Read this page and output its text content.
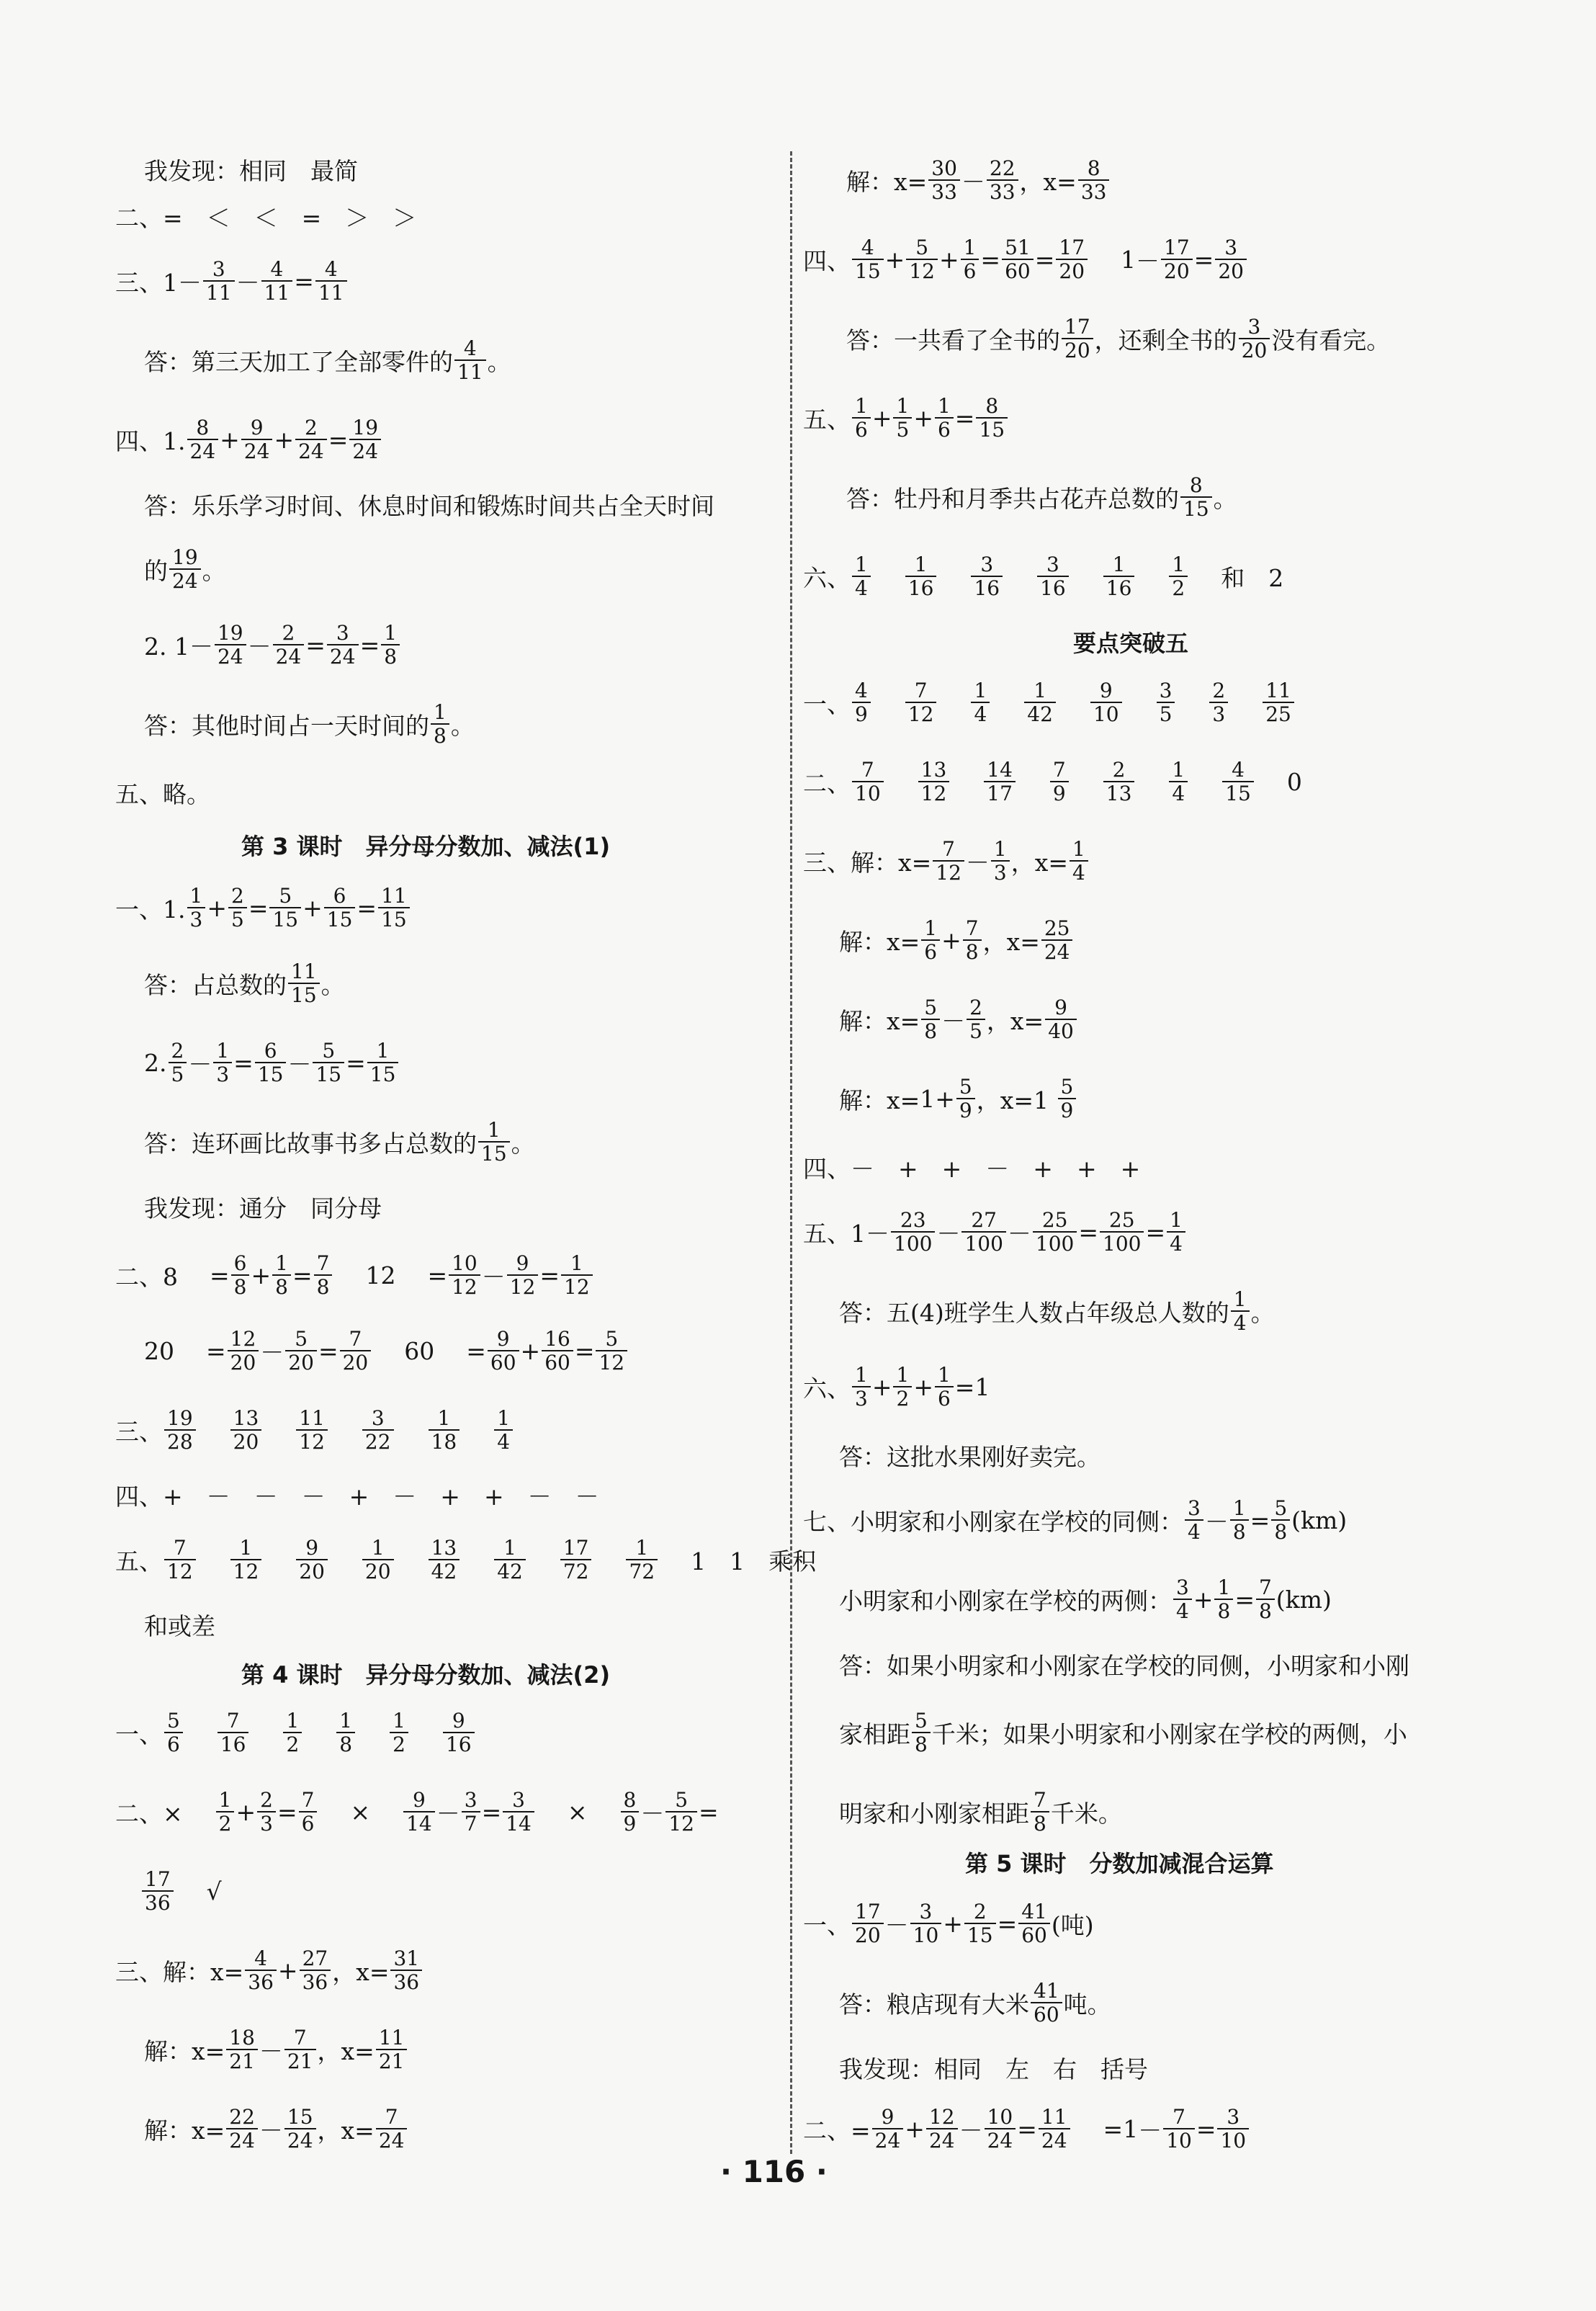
我发现：相同　最简
二、=　＜　＜　=　＞　＞
三、$1- \frac{3}{11} - \frac{4}{11} = \frac{4}{11}$
答：第三天加工了全部零件的 $\frac{4}{11}$ 。
四、1. $\frac{8}{24} + \frac{9}{24} + \frac{2}{24} = \frac{19}{24}$
答：乐乐学习时间、休息时间和锻炼时间共占全天时间
的 $\frac{19}{24}$ 。
2. $1- \frac{19}{24} - \frac{2}{24} = \frac{3}{24} = \frac{1}{8}$
答：其他时间占一天时间的 $\frac{1}{8}$ 。
五、略。
第 3 课时　异分母分数加、减法(1)
一、1. $\frac{1}{3} + \frac{2}{5} = \frac{5}{15} + \frac{6}{15} = \frac{11}{15}$
答：占总数的 $\frac{11}{15}$ 。
2. $\frac{2}{5} - \frac{1}{3} = \frac{6}{15} - \frac{5}{15} = \frac{1}{15}$
答：连环画比故事书多占总数的 $\frac{1}{15}$ 。
我发现：通分　同分母
二、$8 = \frac{6}{8} + \frac{1}{8} = \frac{7}{8} 12 = \frac{10}{12} - \frac{9}{12} = \frac{1}{12}$
$20 = \frac{12}{20} - \frac{5}{20} = \frac{7}{20} 60 = \frac{9}{60} + \frac{16}{60} = \frac{5}{12}$
三、 $\frac{19}{28} \frac{13}{20} \frac{11}{12} \frac{3}{22} \frac{1}{18} \frac{1}{4}$
四、+　－　－　－　+　－　+　+　－　－
五、 $\frac{7}{12} \frac{1}{12} \frac{9}{20} \frac{1}{20} \frac{13}{42} \frac{1}{42} \frac{17}{72} \frac{1}{72} 1$　1　乘积
和或差
第 4 课时　异分母分数加、减法(2)
一、 $\frac{5}{6} \frac{7}{16} \frac{1}{2} \frac{1}{8} \frac{1}{2} \frac{9}{16}$
二、× $\frac{1}{2} + \frac{2}{3} = \frac{7}{6} \times \frac{9}{14} - \frac{3}{7} = \frac{3}{14} \times \frac{8}{9} - \frac{5}{12}$ =
$\frac{17}{36}$ √
三、解：$x= \frac{4}{36} + \frac{27}{36}$ ，$x= \frac{31}{36}$
解：$x= \frac{18}{21} - \frac{7}{21}$ ，$x= \frac{11}{21}$
解：$x= \frac{22}{24} - \frac{15}{24}$ ，$x= \frac{7}{24}$
解：$x= \frac{30}{33} - \frac{22}{33}$ ，$x= \frac{8}{33}$
四、 $\frac{4}{15} + \frac{5}{12} + \frac{1}{6} = \frac{51}{60} = \frac{17}{20} 1 - \frac{17}{20} = \frac{3}{20}$
答：一共看了全书的 $\frac{17}{20}$ ，还剩全书的 $\frac{3}{20}$ 没有看完。
五、 $\frac{1}{6} + \frac{1}{5} + \frac{1}{6} = \frac{8}{15}$
答：牡丹和月季共占花卉总数的 $\frac{8}{15}$ 。
六、 $\frac{1}{4} \frac{1}{16} \frac{3}{16} \frac{3}{16} \frac{1}{16} \frac{1}{2}$ 和　2
要点突破五
一、 $\frac{4}{9} \frac{7}{12} \frac{1}{4} \frac{1}{42} \frac{9}{10} \frac{3}{5} \frac{2}{3} \frac{11}{25}$
二、 $\frac{7}{10} \frac{13}{12} \frac{14}{17} \frac{7}{9} \frac{2}{13} \frac{1}{4} \frac{4}{15} 0$
三、解：$x= \frac{7}{12} - \frac{1}{3}$ ，$x= \frac{1}{4}$
解：$x= \frac{1}{6} + \frac{7}{8}$ ，$x= \frac{25}{24}$
解：$x= \frac{5}{8} - \frac{2}{5}$ ，$x= \frac{9}{40}$
解：$x= 1 + \frac{5}{9}$ ，x=1
$\frac{5}{9}$
四、－　+　+　－　+　+　+
五、$1- \frac{23}{100} - \frac{27}{100} - \frac{25}{100} = \frac{25}{100} = \frac{1}{4}$
答：五(4)班学生人数占年级总人数的 $\frac{1}{4}$ 。
六、 $\frac{1}{3} + \frac{1}{2} + \frac{1}{6} =1$
答：这批水果刚好卖完。
七、小明家和小刚家在学校的同侧： $\frac{3}{4} - \frac{1}{8} = \frac{5}{8} (km)$
小明家和小刚家在学校的两侧： $\frac{3}{4} + \frac{1}{8} = \frac{7}{8} (km)$
答：如果小明家和小刚家在学校的同侧，小明家和小刚
家相距 $\frac{5}{8}$ 千米；如果小明家和小刚家在学校的两侧，小
明家和小刚家相距 $\frac{7}{8}$ 千米。
第 5 课时　分数加减混合运算
一、 $\frac{17}{20} - \frac{3}{10} + \frac{2}{15} = \frac{41}{60}$ (吨)
答：粮店现有大米 $\frac{41}{60}$ 吨。
我发现：相同　左　右　括号
二、= $\frac{9}{24} + \frac{12}{24} - \frac{10}{24} = \frac{11}{24} = 1 - \frac{7}{10} = \frac{3}{10}$
· 116 ·
